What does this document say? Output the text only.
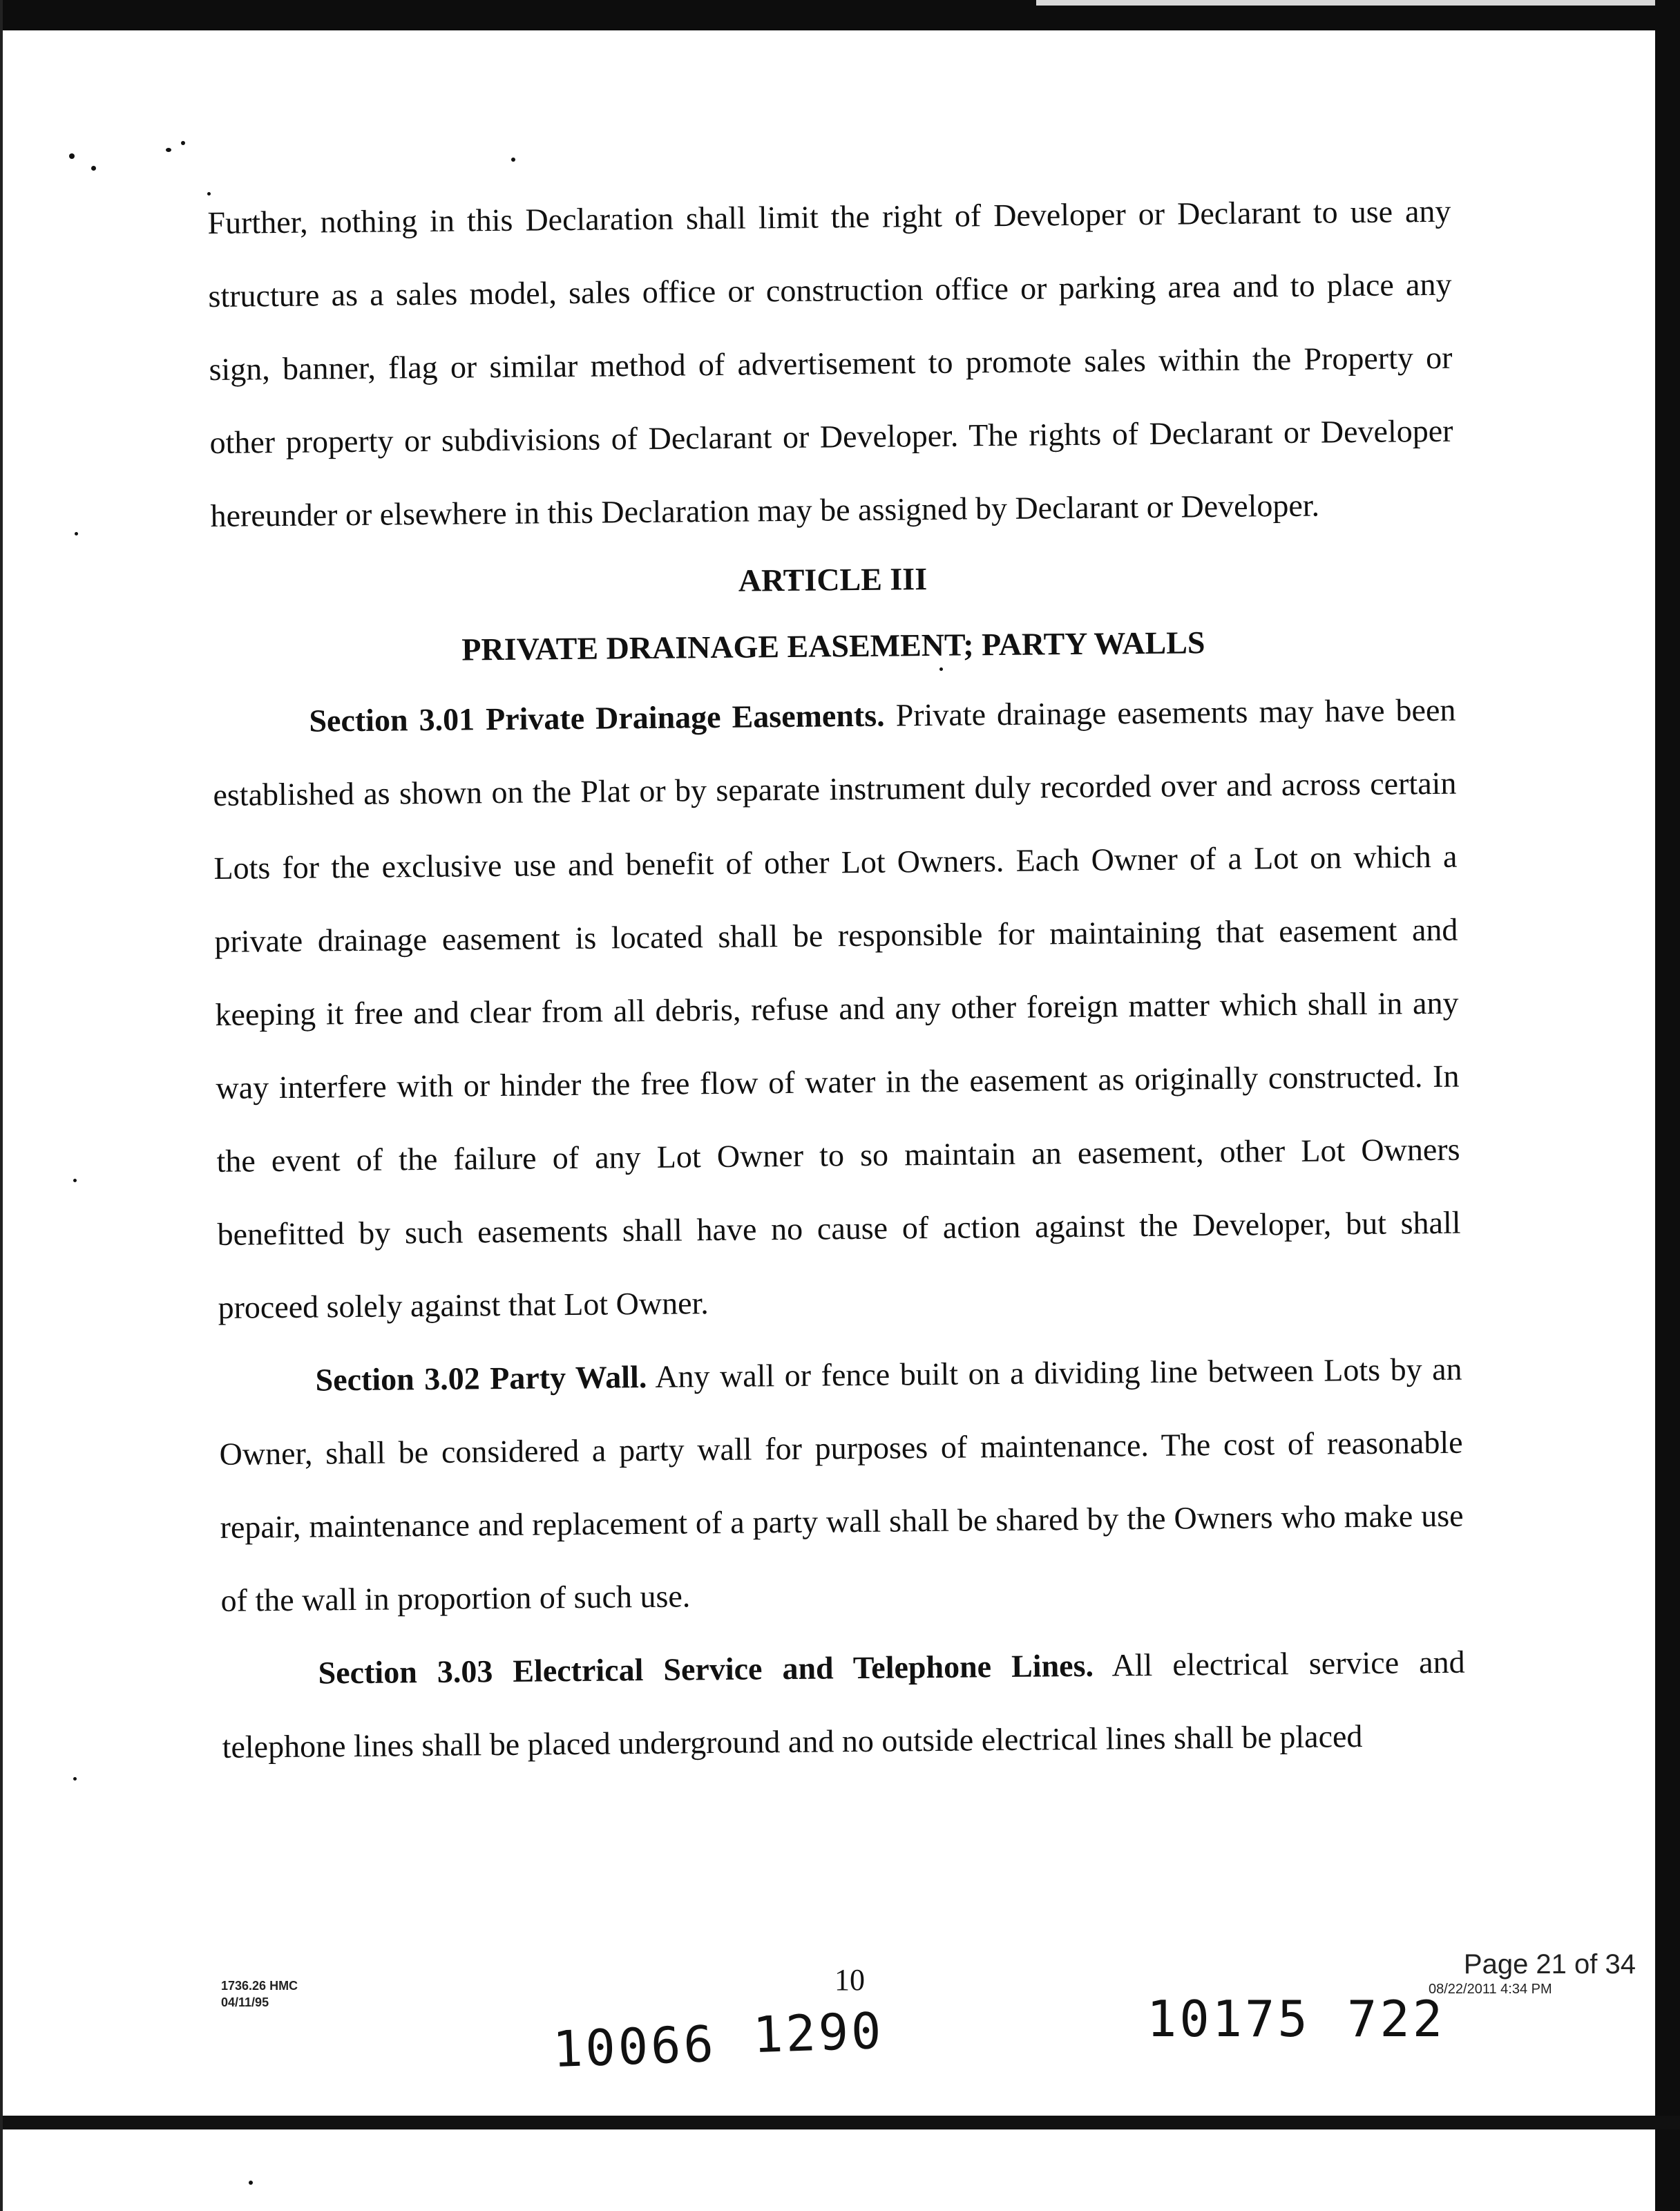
Further, nothing in this Declaration shall limit the right of Developer or Declarant to use any structure as a sales model, sales office or construction office or parking area and to place any sign, banner, flag or similar method of advertisement to promote sales within the Property or other property or subdivisions of Declarant or Developer. The rights of Declarant or Developer hereunder or elsewhere in this Declaration may be assigned by Declarant or Developer.

ARTICLE III

PRIVATE DRAINAGE EASEMENT; PARTY WALLS

Section 3.01 Private Drainage Easements. Private drainage easements may have been established as shown on the Plat or by separate instrument duly recorded over and across certain Lots for the exclusive use and benefit of other Lot Owners. Each Owner of a Lot on which a private drainage easement is located shall be responsible for maintaining that easement and keeping it free and clear from all debris, refuse and any other foreign matter which shall in any way interfere with or hinder the free flow of water in the easement as originally constructed. In the event of the failure of any Lot Owner to so maintain an easement, other Lot Owners benefitted by such easements shall have no cause of action against the Developer, but shall proceed solely against that Lot Owner.

Section 3.02 Party Wall. Any wall or fence built on a dividing line between Lots by an Owner, shall be considered a party wall for purposes of maintenance. The cost of reasonable repair, maintenance and replacement of a party wall shall be shared by the Owners who make use of the wall in proportion of such use.

Section 3.03 Electrical Service and Telephone Lines. All electrical service and telephone lines shall be placed underground and no outside electrical lines shall be placed

1736.26 HMC
04/11/95
10
10066 1290	10175 722
Page 21 of 34
08/22/2011 4:34 PM
